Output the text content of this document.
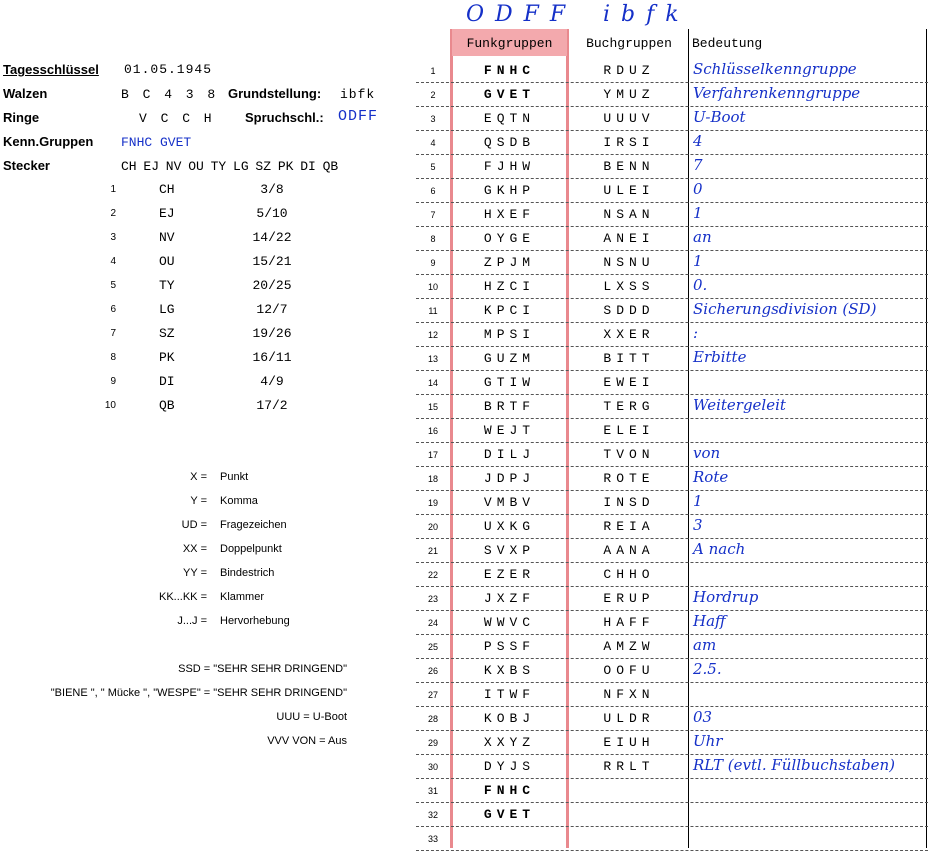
O D F F i b f k
Tagesschlüssel 01.05.1945
Walzen	B C 4 3 8 Grundstellung: ibfk
Ringe	V C C H Spruchschl.: ODFF
Kenn.Gruppen FNHC GVET
Stecker	CH EJ NV OU TY LG SZ PK DI QB
1	CH	3/8
2	EJ	5/10
3	NV	14/22
4	OU	15/21
5	TY	20/25
6	LG	12/7
7	SZ	19/26
8	PK	16/11
9	DI	4/9
10	QB	17/2
X = Punkt
Y = Komma
UD = Fragezeichen
XX = Doppelpunkt
YY = Bindestrich
KK...KK = Klammer
J...J = Hervorhebung
SSD = "SEHR SEHR DRINGEND"
"BIENE ", " Mücke ", "WESPE" = "SEHR SEHR DRINGEND"
UUU = U-Boot
VVV VON = Aus
Funkgruppen	Buchgruppen	Bedeutung
1	FNHC	RDUZ	Schlüsselkenngruppe
2	GVET	YMUZ	Verfahrenkenngruppe
3	EQTN	UUUV	U-Boot
4	QSDB	IRSI	4
5	FJHW	BENN	7
6	GKHP	ULEI	0
7	HXEF	NSAN	1
8	OYGE	ANEI	an
9	ZPJM	NSNU	1
10	HZCI	LXSS	0.
11	KPCI	SDDD	Sicherungsdivision (SD)
12	MPSI	XXER	:
13	GUZM	BITT	Erbitte
14	GTIW	EWEI
15	BRTF	TERG	Weitergeleit
16	WEJT	ELEI
17	DILJ	TVON	von
18	JDPJ	ROTE	Rote
19	VMBV	INSD	1
20	UXKG	REIA	3
21	SVXP	AANA	A nach
22	EZER	CHHO
23	JXZF	ERUP	Hordrup
24	WWVC	HAFF	Haff
25	PSSF	AMZW	am
26	KXBS	OOFU	2.5.
27	ITWF	NFXN
28	KOBJ	ULDR	03
29	XXYZ	EIUH	Uhr
30	DYJS	RRLT	RLT (evtl. Füllbuchstaben)
31	FNHC
32	GVET
33
